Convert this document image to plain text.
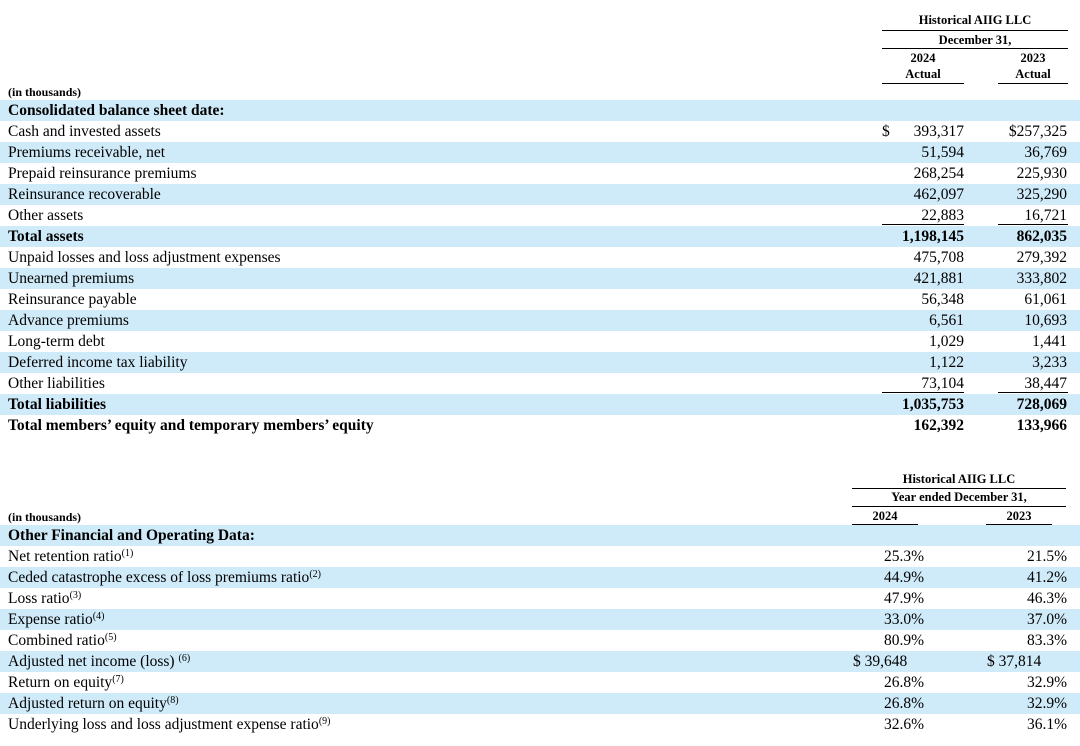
Historical AIIG LLC
December 31,
2024	2023
Actual	Actual
(in thousands)
Consolidated balance sheet date:
Cash and invested assets	$ 393,317	$257,325
Premiums receivable, net	51,594	36,769
Prepaid reinsurance premiums	268,254	225,930
Reinsurance recoverable	462,097	325,290
Other assets	22,883	16,721
Total assets	1,198,145	862,035
Unpaid losses and loss adjustment expenses	475,708	279,392
Unearned premiums	421,881	333,802
Reinsurance payable	56,348	61,061
Advance premiums	6,561	10,693
Long-term debt	1,029	1,441
Deferred income tax liability	1,122	3,233
Other liabilities	73,104	38,447
Total liabilities	1,035,753	728,069
Total members’ equity and temporary members’ equity	162,392	133,966
Historical AIIG LLC
Year ended December 31,
2024	2023
(in thousands)
Other Financial and Operating Data:
Net retention ratio$^{(1)}$	25.3%	21.5%
Ceded catastrophe excess of loss premiums ratio$^{(2)}$	44.9%	41.2%
Loss ratio$^{(3)}$	47.9%	46.3%
Expense ratio$^{(4)}$	33.0%	37.0%
Combined ratio$^{(5)}$	80.9%	83.3%
Adjusted net income (loss) $^{(6)}$	$ 39,648	$ 37,814
Return on equity$^{(7)}$	26.8%	32.9%
Adjusted return on equity$^{(8)}$	26.8%	32.9%
Underlying loss and loss adjustment expense ratio$^{(9)}$	32.6%	36.1%
